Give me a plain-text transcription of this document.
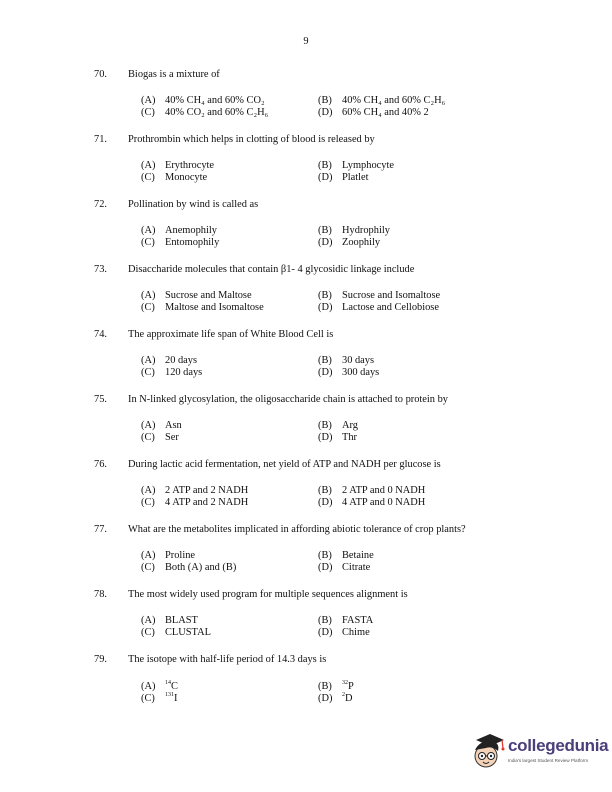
9
70. Biogas is a mixture of
(A) 40% CH₄ and 60% CO₂	(B) 40% CH₄ and 60% C₂H₆
(C) 40% CO₂ and 60% C₂H₆	(D) 60% CH₄ and 40% 2
71. Prothrombin which helps in clotting of blood is released by
(A) Erythrocyte	(B) Lymphocyte
(C) Monocyte	(D) Platlet
72. Pollination by wind is called as
(A) Anemophily	(B) Hydrophily
(C) Entomophily	(D) Zoophily
73. Disaccharide molecules that contain β1- 4 glycosidic linkage include
(A) Sucrose and Maltose	(B) Sucrose and Isomaltose
(C) Maltose and Isomaltose	(D) Lactose and Cellobiose
74. The approximate life span of White Blood Cell is
(A) 20 days	(B) 30 days
(C) 120 days	(D) 300 days
75. In N-linked glycosylation, the oligosaccharide chain is attached to protein by
(A) Asn	(B) Arg
(C) Ser	(D) Thr
76. During lactic acid fermentation, net yield of ATP and NADH per glucose is
(A) 2 ATP and 2 NADH	(B) 2 ATP and 0 NADH
(C) 4 ATP and 2 NADH	(D) 4 ATP and 0 NADH
77. What are the metabolites implicated in affording abiotic tolerance of crop plants?
(A) Proline	(B) Betaine
(C) Both (A) and (B)	(D) Citrate
78. The most widely used program for multiple sequences alignment is
(A) BLAST	(B) FASTA
(C) CLUSTAL	(D) Chime
79. The isotope with half-life period of 14.3 days is
(A) $^{14}$C	(B) $^{32}$P
(C) $^{131}$I	(D) $^2$D
collegedunia
India's largest Student Review Platform
